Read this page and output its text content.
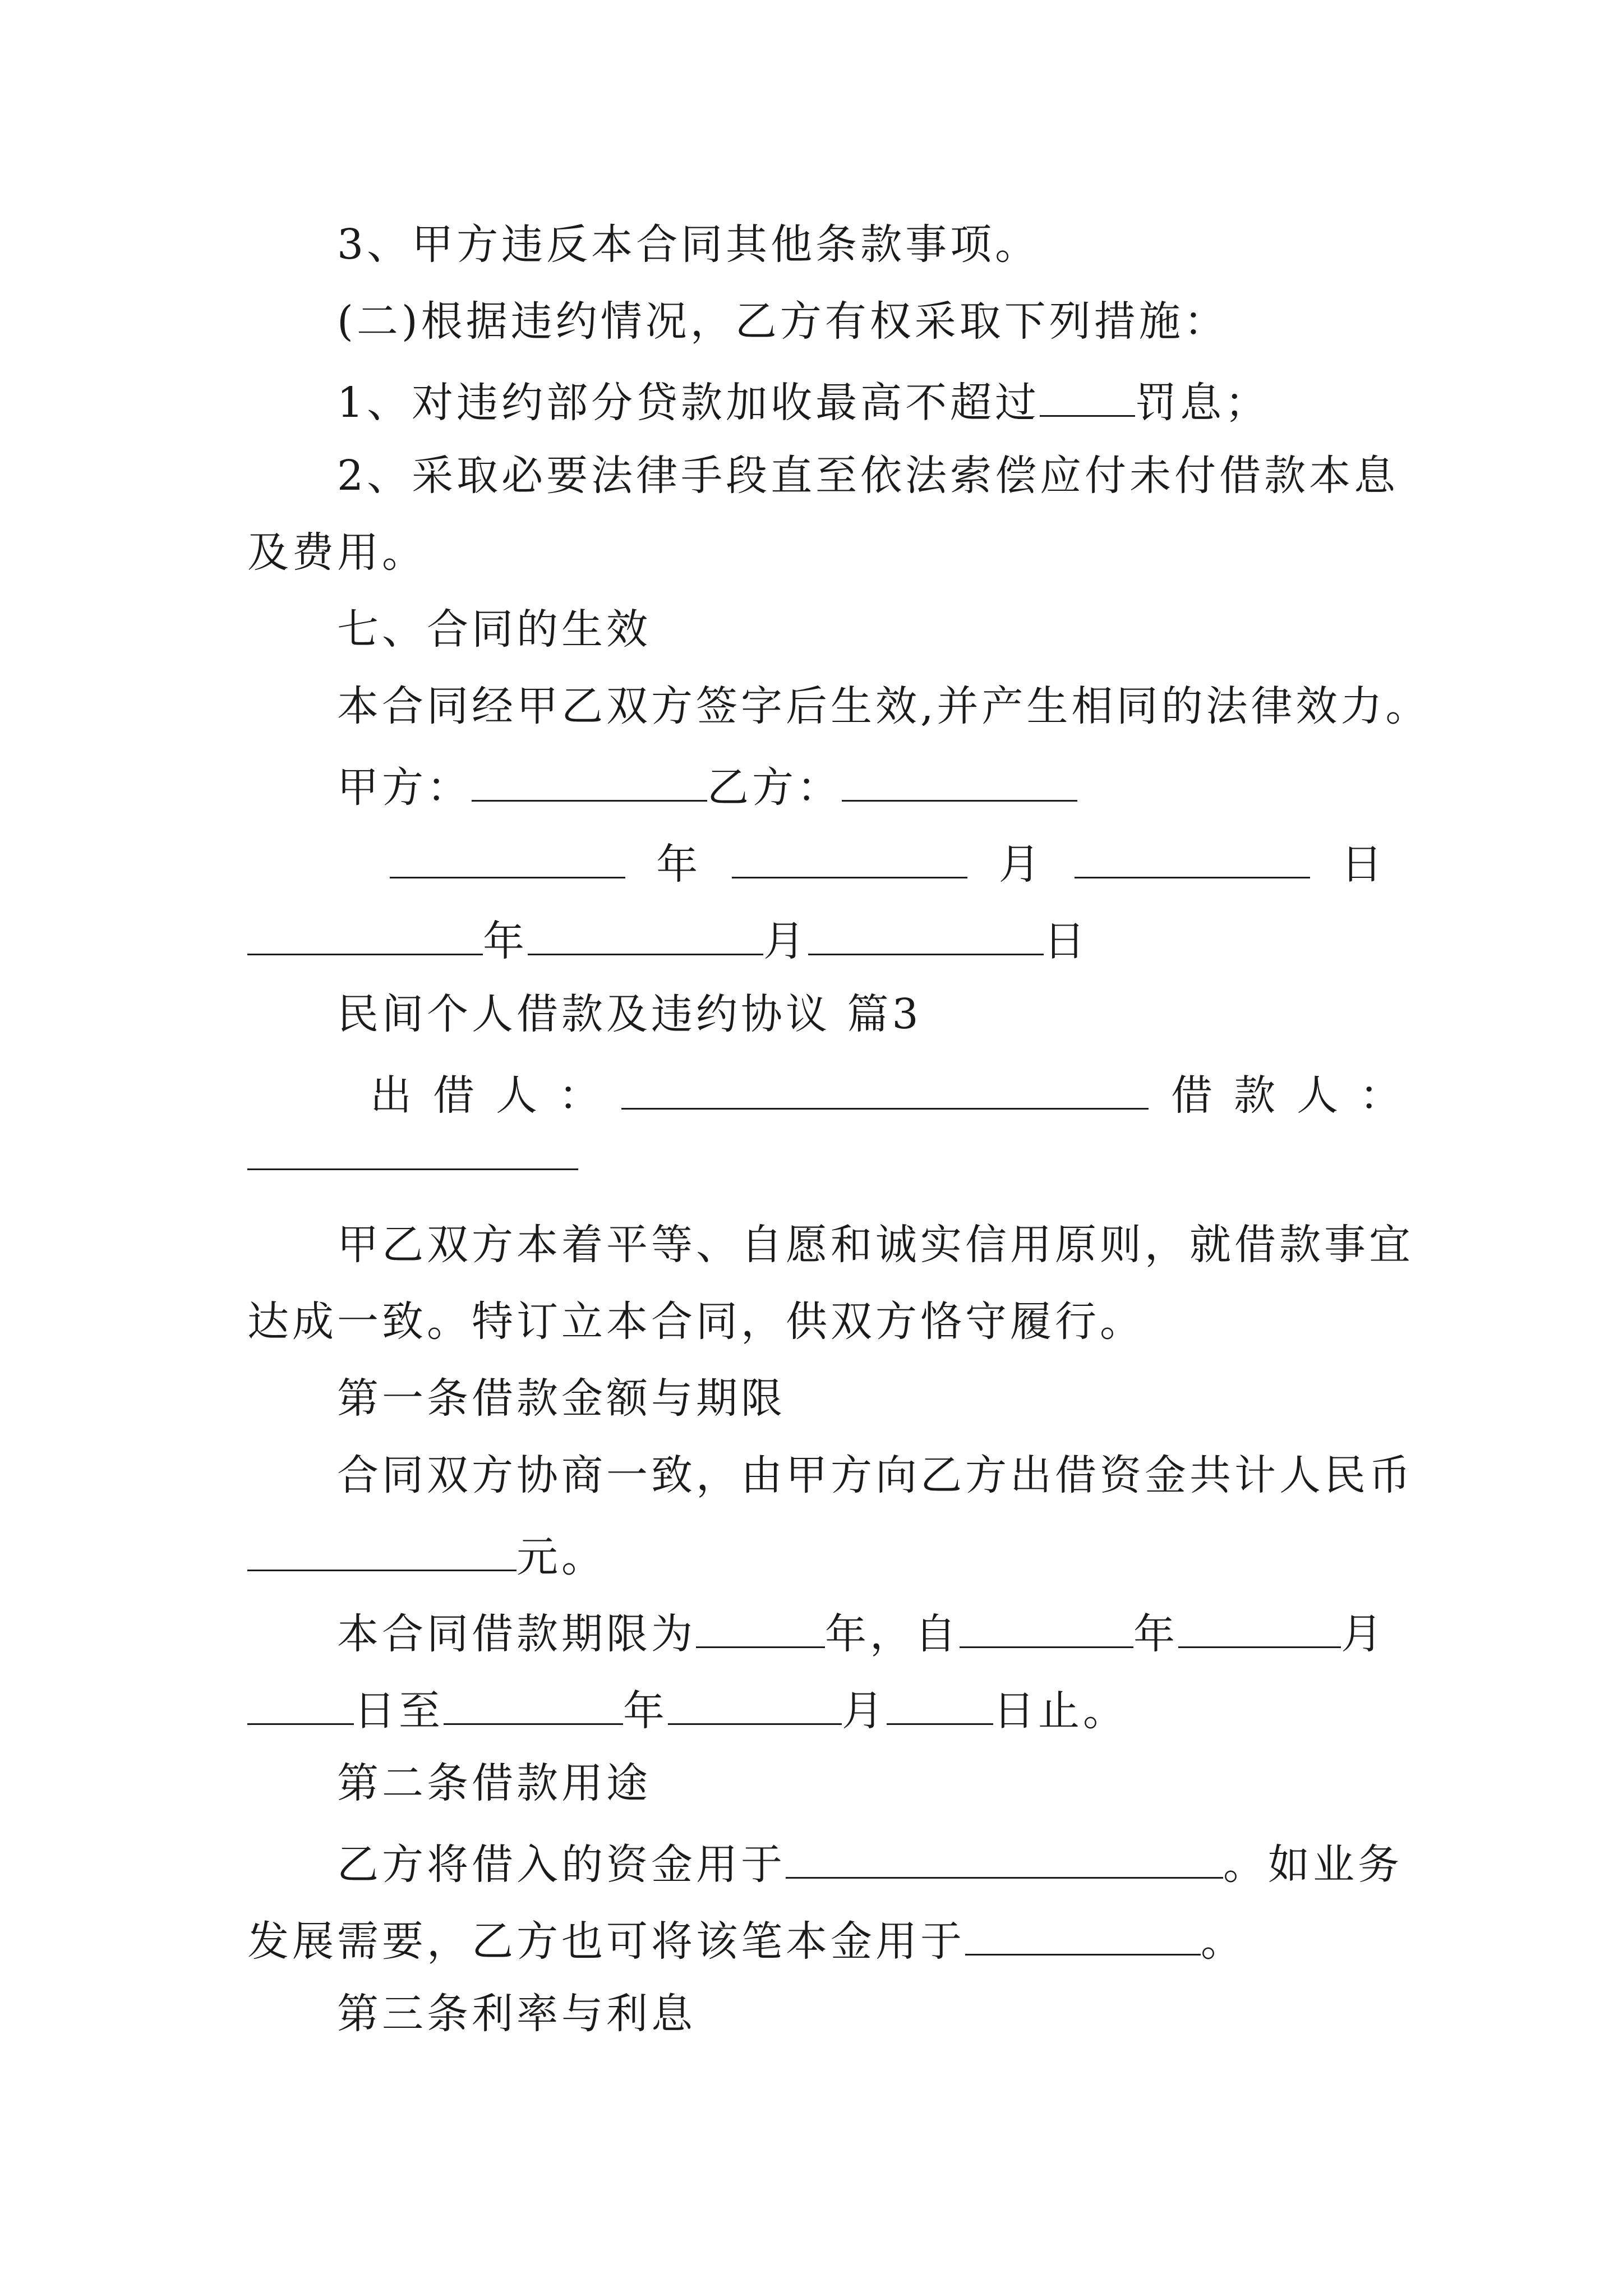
3、甲方违反本合同其他条款事项。
(二)根据违约情况，乙方有权采取下列措施：
1、对违约部分贷款加收最高不超过 罚息；
2、采取必要法律手段直至依法索偿应付未付借款本息
及费用。
七、合同的生效
本合同经甲乙双方签字后生效,并产生相同的法律效力。
甲方：	乙方：
年	月	日
年	月	日
民间个人借款及违约协议 篇3
出借人：	借款人：
甲乙双方本着平等、自愿和诚实信用原则，就借款事宜
达成一致。特订立本合同，供双方恪守履行。
第一条借款金额与期限
合同双方协商一致，由甲方向乙方出借资金共计人民币
元。
本合同借款期限为	年，自	年	月
日至	年	月	日止。
第二条借款用途
乙方将借入的资金用于	。如业务
发展需要，乙方也可将该笔本金用于	。
第三条利率与利息
